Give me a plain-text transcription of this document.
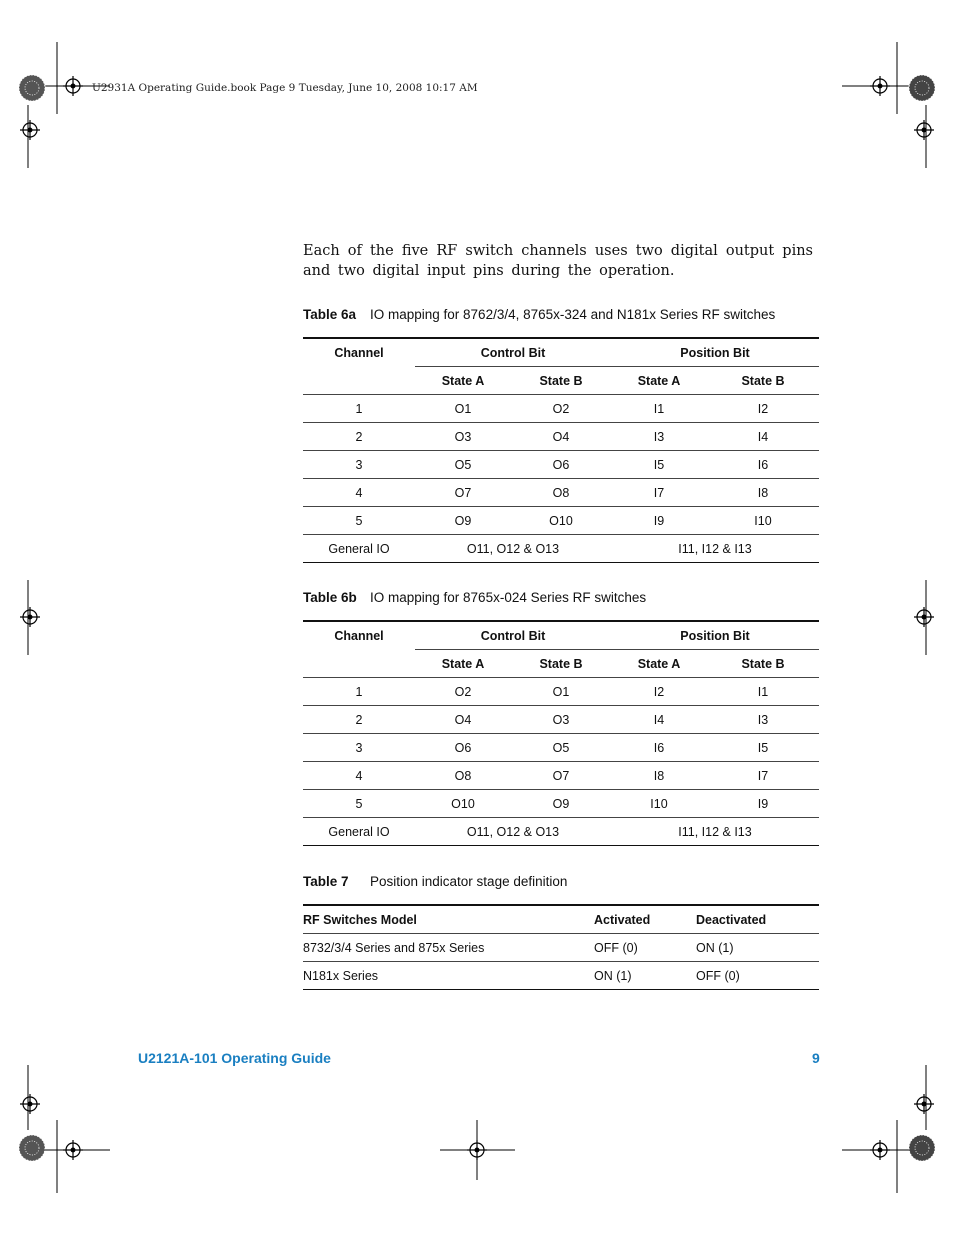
U2931A Operating Guide.book Page 9 Tuesday, June 10, 2008 10:17 AM

Each of the five RF switch channels uses two digital output pins and two digital input pins during the operation.

Table 6a IO mapping for 8762/3/4, 8765x-324 and N181x Series RF switches
Channel	Control Bit		Position Bit	
	State A	State B	State A	State B
1	O1	O2	I1	I2
2	O3	O4	I3	I4
3	O5	O6	I5	I6
4	O7	O8	I7	I8
5	O9	O10	I9	I10
General IO	O11, O12 & O13		I11, I12 & I13	
Table 6b IO mapping for 8765x-024 Series RF switches
Channel	Control Bit		Position Bit	
	State A	State B	State A	State B
1	O2	O1	I2	I1
2	O4	O3	I4	I3
3	O6	O5	I6	I5
4	O8	O7	I8	I7
5	O10	O9	I10	I9
General IO	O11, O12 & O13		I11, I12 & I13	
Table 7 Position indicator stage definition
RF Switches Model	Activated	Deactivated
8732/3/4 Series and 875x Series	OFF (0)	ON (1)
N181x Series	ON (1)	OFF (0)
U2121A-101 Operating Guide	9
